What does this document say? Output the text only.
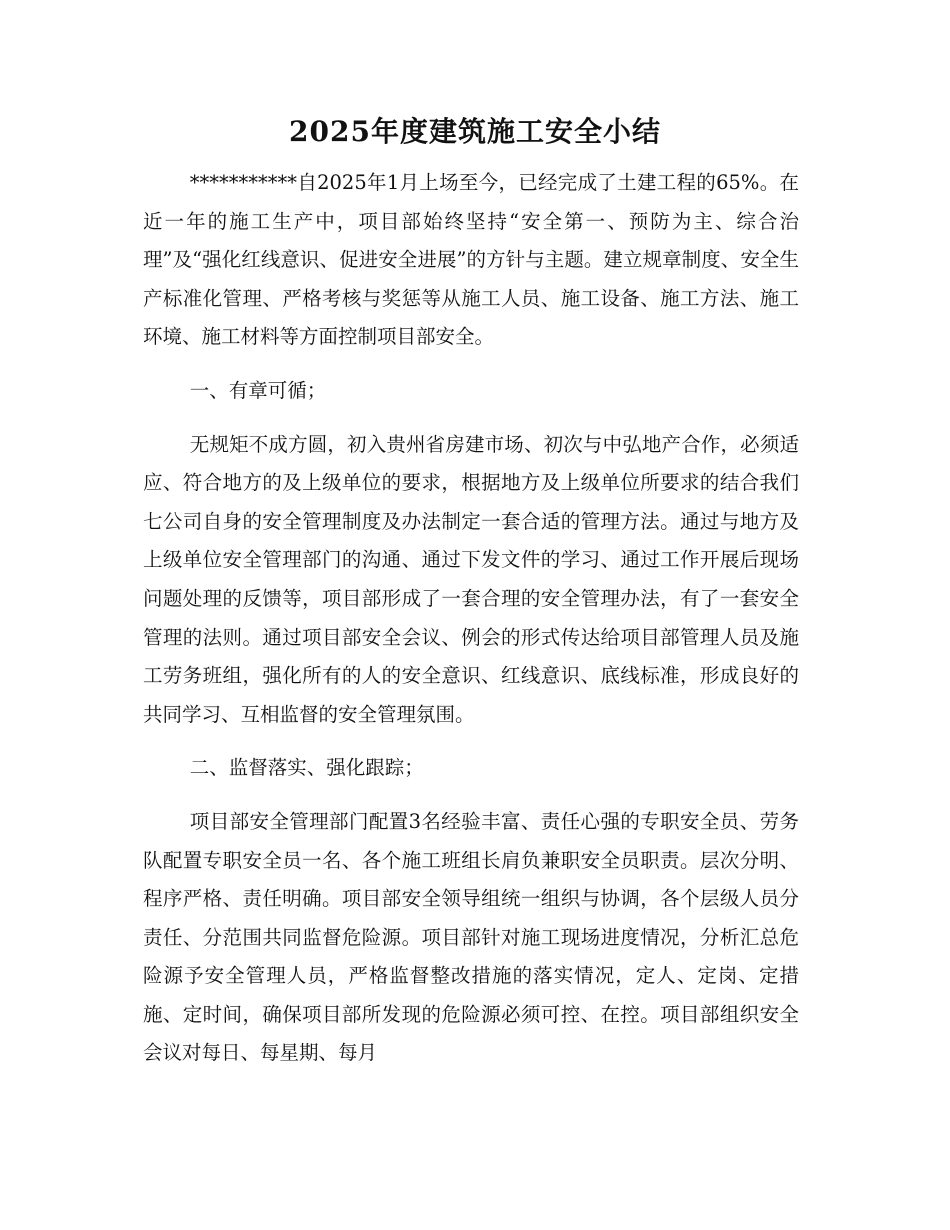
2025年度建筑施工安全小结

***********自2025年1月上场至今，已经完成了土建工程的65%。在近一年的施工生产中，项目部始终坚持“安全第一、预防为主、综合治理”及“强化红线意识、促进安全进展”的方针与主题。建立规章制度、安全生产标准化管理、严格考核与奖惩等从施工人员、施工设备、施工方法、施工环境、施工材料等方面控制项目部安全。

一、有章可循；

无规矩不成方圆，初入贵州省房建市场、初次与中弘地产合作，必须适应、符合地方的及上级单位的要求，根据地方及上级单位所要求的结合我们七公司自身的安全管理制度及办法制定一套合适的管理方法。通过与地方及上级单位安全管理部门的沟通、通过下发文件的学习、通过工作开展后现场问题处理的反馈等，项目部形成了一套合理的安全管理办法，有了一套安全管理的法则。通过项目部安全会议、例会的形式传达给项目部管理人员及施工劳务班组，强化所有的人的安全意识、红线意识、底线标准，形成良好的共同学习、互相监督的安全管理氛围。

二、监督落实、强化跟踪；

项目部安全管理部门配置3名经验丰富、责任心强的专职安全员、劳务队配置专职安全员一名、各个施工班组长肩负兼职安全员职责。层次分明、程序严格、责任明确。项目部安全领导组统一组织与协调，各个层级人员分责任、分范围共同监督危险源。项目部针对施工现场进度情况，分析汇总危险源予安全管理人员，严格监督整改措施的落实情况，定人、定岗、定措施、定时间，确保项目部所发现的危险源必须可控、在控。项目部组织安全会议对每日、每星期、每月
